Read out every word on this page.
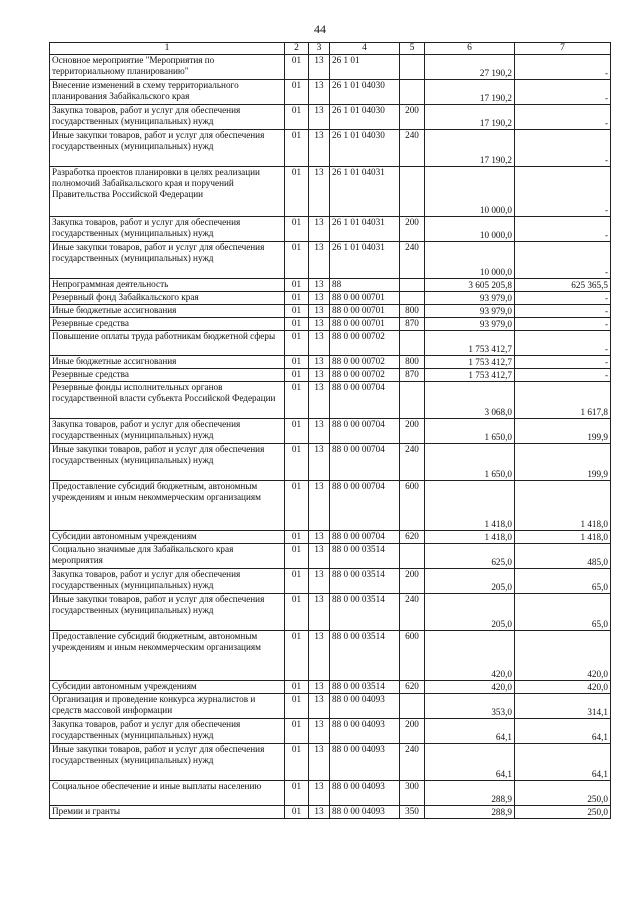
44
1	2	3	4	5	6	7
Основное мероприятие "Мероприятия по территориальному планированию"	01	13	26 1 01		27 190,2	-
Внесение изменений в схему территориального планирования Забайкальского края	01	13	26 1 01 04030		17 190,2	-
Закупка товаров, работ и услуг для обеспечения государственных (муниципальных) нужд	01	13	26 1 01 04030	200	17 190,2	-
Иные закупки товаров, работ и услуг для обеспечения государственных (муниципальных) нужд	01	13	26 1 01 04030	240	17 190,2	-
Разработка проектов планировки в целях реализации полномочий Забайкальского края и поручений Правительства Российской Федерации	01	13	26 1 01 04031		10 000,0	-
Закупка товаров, работ и услуг для обеспечения государственных (муниципальных) нужд	01	13	26 1 01 04031	200	10 000,0	-
Иные закупки товаров, работ и услуг для обеспечения государственных (муниципальных) нужд	01	13	26 1 01 04031	240	10 000,0	-
Непрограммная деятельность	01	13	88		3 605 205,8	625 365,5
Резервный фонд Забайкальского края	01	13	88 0 00 00701		93 979,0	-
Иные бюджетные ассигнования	01	13	88 0 00 00701	800	93 979,0	-
Резервные средства	01	13	88 0 00 00701	870	93 979,0	-
Повышение оплаты труда работникам бюджетной сферы	01	13	88 0 00 00702		1 753 412,7	-
Иные бюджетные ассигнования	01	13	88 0 00 00702	800	1 753 412,7	-
Резервные средства	01	13	88 0 00 00702	870	1 753 412,7	-
Резервные фонды исполнительных органов государственной власти субъекта Российской Федерации	01	13	88 0 00 00704		3 068,0	1 617,8
Закупка товаров, работ и услуг для обеспечения государственных (муниципальных) нужд	01	13	88 0 00 00704	200	1 650,0	199,9
Иные закупки товаров, работ и услуг для обеспечения государственных (муниципальных) нужд	01	13	88 0 00 00704	240	1 650,0	199,9
Предоставление субсидий бюджетным, автономным учреждениям и иным некоммерческим организациям	01	13	88 0 00 00704	600	1 418,0	1 418,0
Субсидии автономным учреждениям	01	13	88 0 00 00704	620	1 418,0	1 418,0
Социально значимые для Забайкальского края мероприятия	01	13	88 0 00 03514		625,0	485,0
Закупка товаров, работ и услуг для обеспечения государственных (муниципальных) нужд	01	13	88 0 00 03514	200	205,0	65,0
Иные закупки товаров, работ и услуг для обеспечения государственных (муниципальных) нужд	01	13	88 0 00 03514	240	205,0	65,0
Предоставление субсидий бюджетным, автономным учреждениям и иным некоммерческим организациям	01	13	88 0 00 03514	600	420,0	420,0
Субсидии автономным учреждениям	01	13	88 0 00 03514	620	420,0	420,0
Организация и проведение конкурса журналистов и средств массовой информации	01	13	88 0 00 04093		353,0	314,1
Закупка товаров, работ и услуг для обеспечения государственных (муниципальных) нужд	01	13	88 0 00 04093	200	64,1	64,1
Иные закупки товаров, работ и услуг для обеспечения государственных (муниципальных) нужд	01	13	88 0 00 04093	240	64,1	64,1
Социальное обеспечение и иные выплаты населению	01	13	88 0 00 04093	300	288,9	250,0
Премии и гранты	01	13	88 0 00 04093	350	288,9	250,0
